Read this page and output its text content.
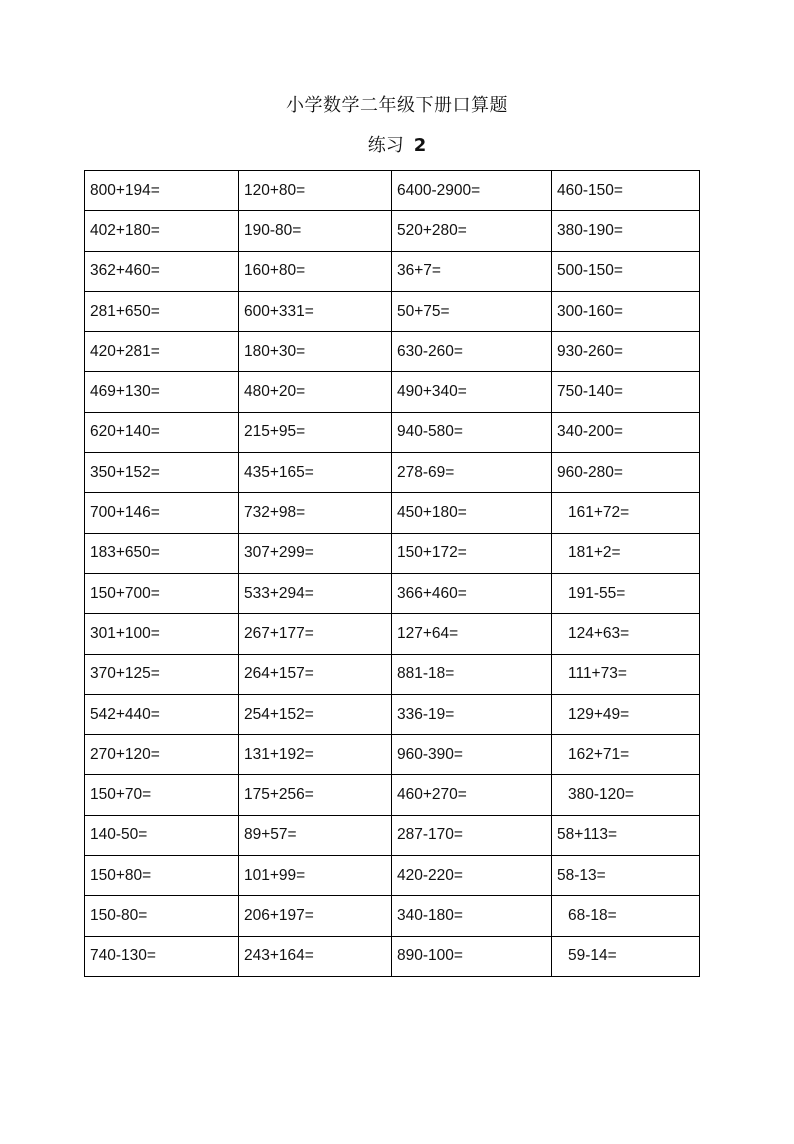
小学数学二年级下册口算题
练习 2
800+194=	120+80=	6400-2900=	460-150=
402+180=	190-80=	520+280=	380-190=
362+460=	160+80=	36+7=	500-150=
281+650=	600+331=	50+75=	300-160=
420+281=	180+30=	630-260=	930-260=
469+130=	480+20=	490+340=	750-140=
620+140=	215+95=	940-580=	340-200=
350+152=	435+165=	278-69=	960-280=
700+146=	732+98=	450+180=	161+72=
183+650=	307+299=	150+172=	181+2=
150+700=	533+294=	366+460=	191-55=
301+100=	267+177=	127+64=	124+63=
370+125=	264+157=	881-18=	111+73=
542+440=	254+152=	336-19=	129+49=
270+120=	131+192=	960-390=	162+71=
150+70=	175+256=	460+270=	380-120=
140-50=	89+57=	287-170=	58+113=
150+80=	101+99=	420-220=	58-13=
150-80=	206+197=	340-180=	68-18=
740-130=	243+164=	890-100=	59-14=
